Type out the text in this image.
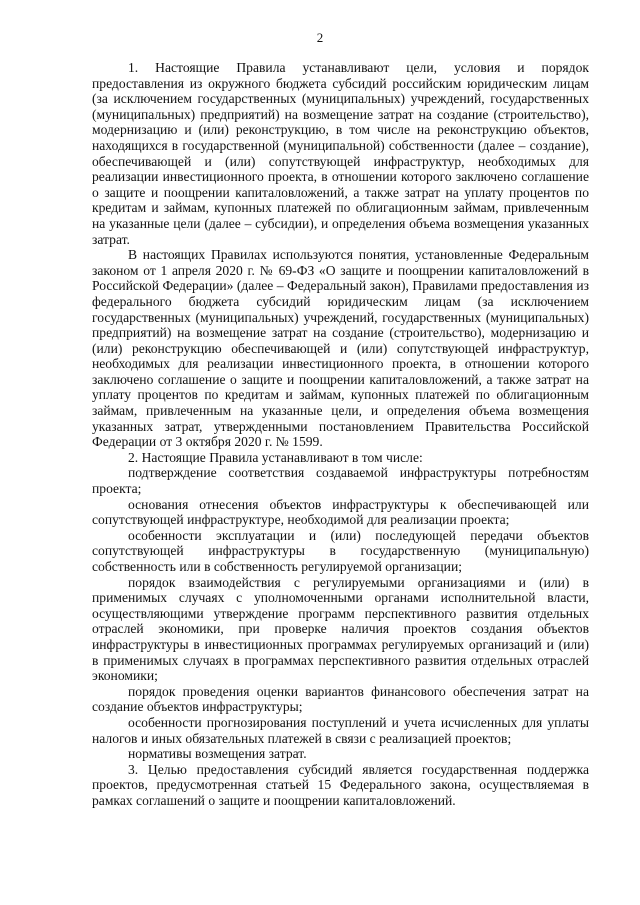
2

1. Настоящие Правила устанавливают цели, условия и порядок предоставления из окружного бюджета субсидий российским юридическим лицам (за исключением государственных (муниципальных) учреждений, государственных (муниципальных) предприятий) на возмещение затрат на создание (строительство), модернизацию и (или) реконструкцию, в том числе на реконструкцию объектов, находящихся в государственной (муниципальной) собственности (далее – создание), обеспечивающей и (или) сопутствующей инфраструктур, необходимых для реализации инвестиционного проекта, в отношении которого заключено соглашение о защите и поощрении капиталовложений, а также затрат на уплату процентов по кредитам и займам, купонных платежей по облигационным займам, привлеченным на указанные цели (далее – субсидии), и определения объема возмещения указанных затрат.

В настоящих Правилах используются понятия, установленные Федеральным законом от 1 апреля 2020 г. № 69-ФЗ «О защите и поощрении капиталовложений в Российской Федерации» (далее – Федеральный закон), Правилами предоставления из федерального бюджета субсидий юридическим лицам (за исключением государственных (муниципальных) учреждений, государственных (муниципальных) предприятий) на возмещение затрат на создание (строительство), модернизацию и (или) реконструкцию обеспечивающей и (или) сопутствующей инфраструктур, необходимых для реализации инвестиционного проекта, в отношении которого заключено соглашение о защите и поощрении капиталовложений, а также затрат на уплату процентов по кредитам и займам, купонных платежей по облигационным займам, привлеченным на указанные цели, и определения объема возмещения указанных затрат, утвержденными постановлением Правительства Российской Федерации от 3 октября 2020 г. № 1599.

2. Настоящие Правила устанавливают в том числе:

подтверждение соответствия создаваемой инфраструктуры потребностям проекта;

основания отнесения объектов инфраструктуры к обеспечивающей или сопутствующей инфраструктуре, необходимой для реализации проекта;

особенности эксплуатации и (или) последующей передачи объектов сопутствующей инфраструктуры в государственную (муниципальную) собственность или в собственность регулируемой организации;

порядок взаимодействия с регулируемыми организациями и (или) в применимых случаях с уполномоченными органами исполнительной власти, осуществляющими утверждение программ перспективного развития отдельных отраслей экономики, при проверке наличия проектов создания объектов инфраструктуры в инвестиционных программах регулируемых организаций и (или) в применимых случаях в программах перспективного развития отдельных отраслей экономики;

порядок проведения оценки вариантов финансового обеспечения затрат на создание объектов инфраструктуры;

особенности прогнозирования поступлений и учета исчисленных для уплаты налогов и иных обязательных платежей в связи с реализацией проектов;

нормативы возмещения затрат.

3. Целью предоставления субсидий является государственная поддержка проектов, предусмотренная статьей 15 Федерального закона, осуществляемая в рамках соглашений о защите и поощрении капиталовложений.
